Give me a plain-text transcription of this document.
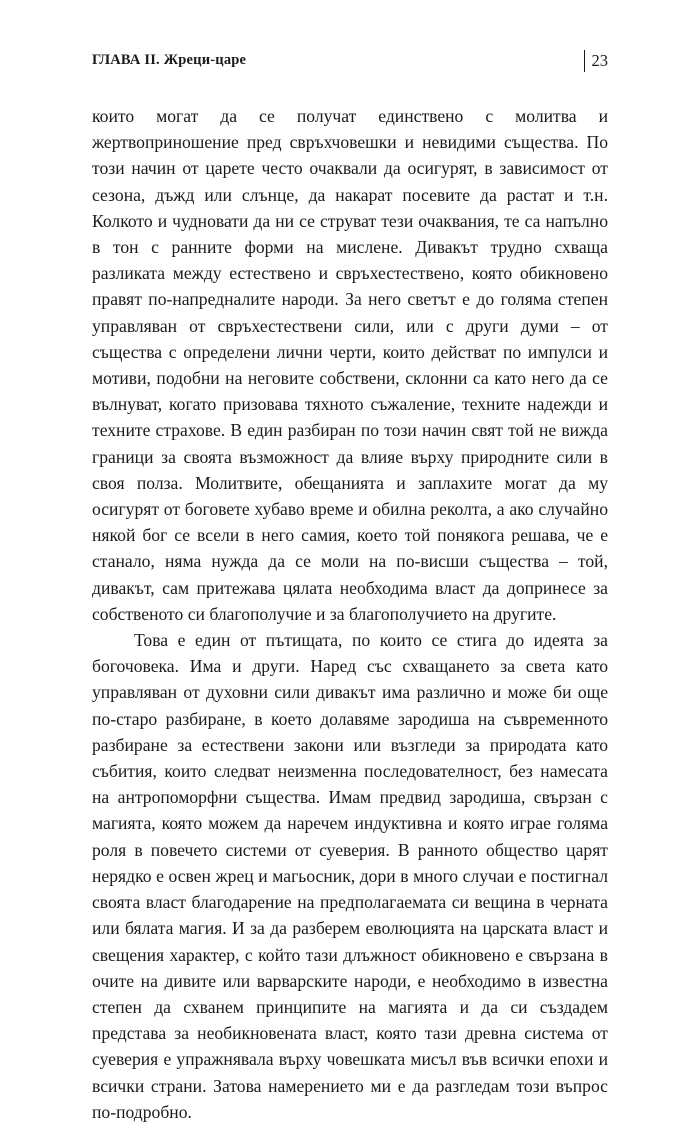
ГЛАВА II. Жреци-царе	23

които могат да се получат единствено с молитва и жертвоприношение пред свръхчовешки и невидими същества. По този начин от царете често очаквали да осигурят, в зависимост от сезона, дъжд или слънце, да накарат посевите да растат и т.н. Колкото и чудновати да ни се струват тези очаквания, те са напълно в тон с ранните форми на мислене. Дивакът трудно схваща разликата между естествено и свръхестествено, която обикновено правят по-напредналите народи. За него светът е до голяма степен управляван от свръхестествени сили, или с други думи – от същества с определени лични черти, които действат по импулси и мотиви, подобни на неговите собствени, склонни са като него да се вълнуват, когато призовава тяхното съжаление, техните надежди и техните страхове. В един разбиран по този начин свят той не вижда граници за своята възможност да влияе върху природните сили в своя полза. Молитвите, обещанията и заплахите могат да му осигурят от боговете хубаво време и обилна реколта, а ако случайно някой бог се всели в него самия, което той понякога решава, че е станало, няма нужда да се моли на по-висши същества – той, дивакът, сам притежава цялата необходима власт да допринесе за собственото си благополучие и за благополучието на другите.

Това е един от пътищата, по които се стига до идеята за богочовека. Има и други. Наред със схващането за света като управляван от духовни сили дивакът има различно и може би още по-старо разбиране, в което долавяме зародиша на съвременното разбиране за естествени закони или възгледи за природата като събития, които следват неизменна последователност, без намесата на антропоморфни същества. Имам предвид зародиша, свързан с магията, която можем да наречем индуктивна и която играе голяма роля в повечето системи от суеверия. В ранното общество царят нерядко е освен жрец и магьосник, дори в много случаи е постигнал своята власт благодарение на предполагаемата си вещина в черната или бялата магия. И за да разберем еволюцията на царската власт и свещения характер, с който тази длъжност обикновено е свързана в очите на дивите или варварските народи, е необходимо в известна степен да схванем принципите на магията и да си създадем представа за необикновената власт, която тази древна система от суеверия е упражнявала върху човешката мисъл във всички епохи и всички страни. Затова намерението ми е да разгледам този въпрос по-подробно.
